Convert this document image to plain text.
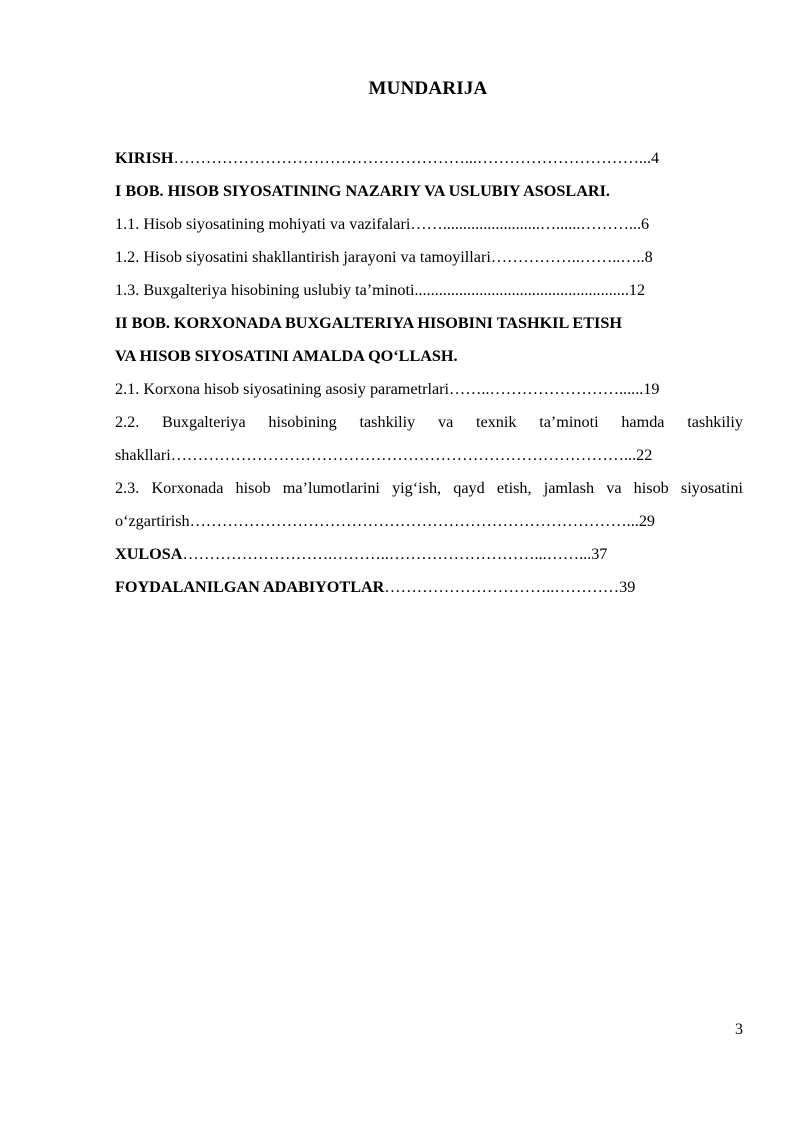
MUNDARIJA
KIRISH………………………………………………...…………………………...4
I BOB. HISOB SIYOSATINING NAZARIY VA USLUBIY ASOSLARI.
1.1. Hisob siyosatining mohiyati va vazifalari……........................…......………...6
1.2. Hisob siyosatini shakllantirish jarayoni va tamoyillari……………..……..…..8
1.3. Buxgalteriya hisobining uslubiy ta’minoti.....................................................12
II BOB. KORXONADA BUXGALTERIYA HISOBINI TASHKIL ETISH
VA HISOB SIYOSATINI AMALDA QO‘LLASH.
2.1. Korxona hisob siyosatining asosiy parametrlari……..……………………......19
2.2. Buxgalteriya hisobining tashkiliy va texnik ta’minoti hamda tashkiliy
shakllari…………………………………………………………………………...22
2.3. Korxonada hisob ma’lumotlarini yig‘ish, qayd etish, jamlash va hisob siyosatini
o‘zgartirish………………………………………………………………………...29
XULOSA……………………….………..………………………...……...37
FOYDALANILGAN ADABIYOTLAR…………………………..…………39
3
